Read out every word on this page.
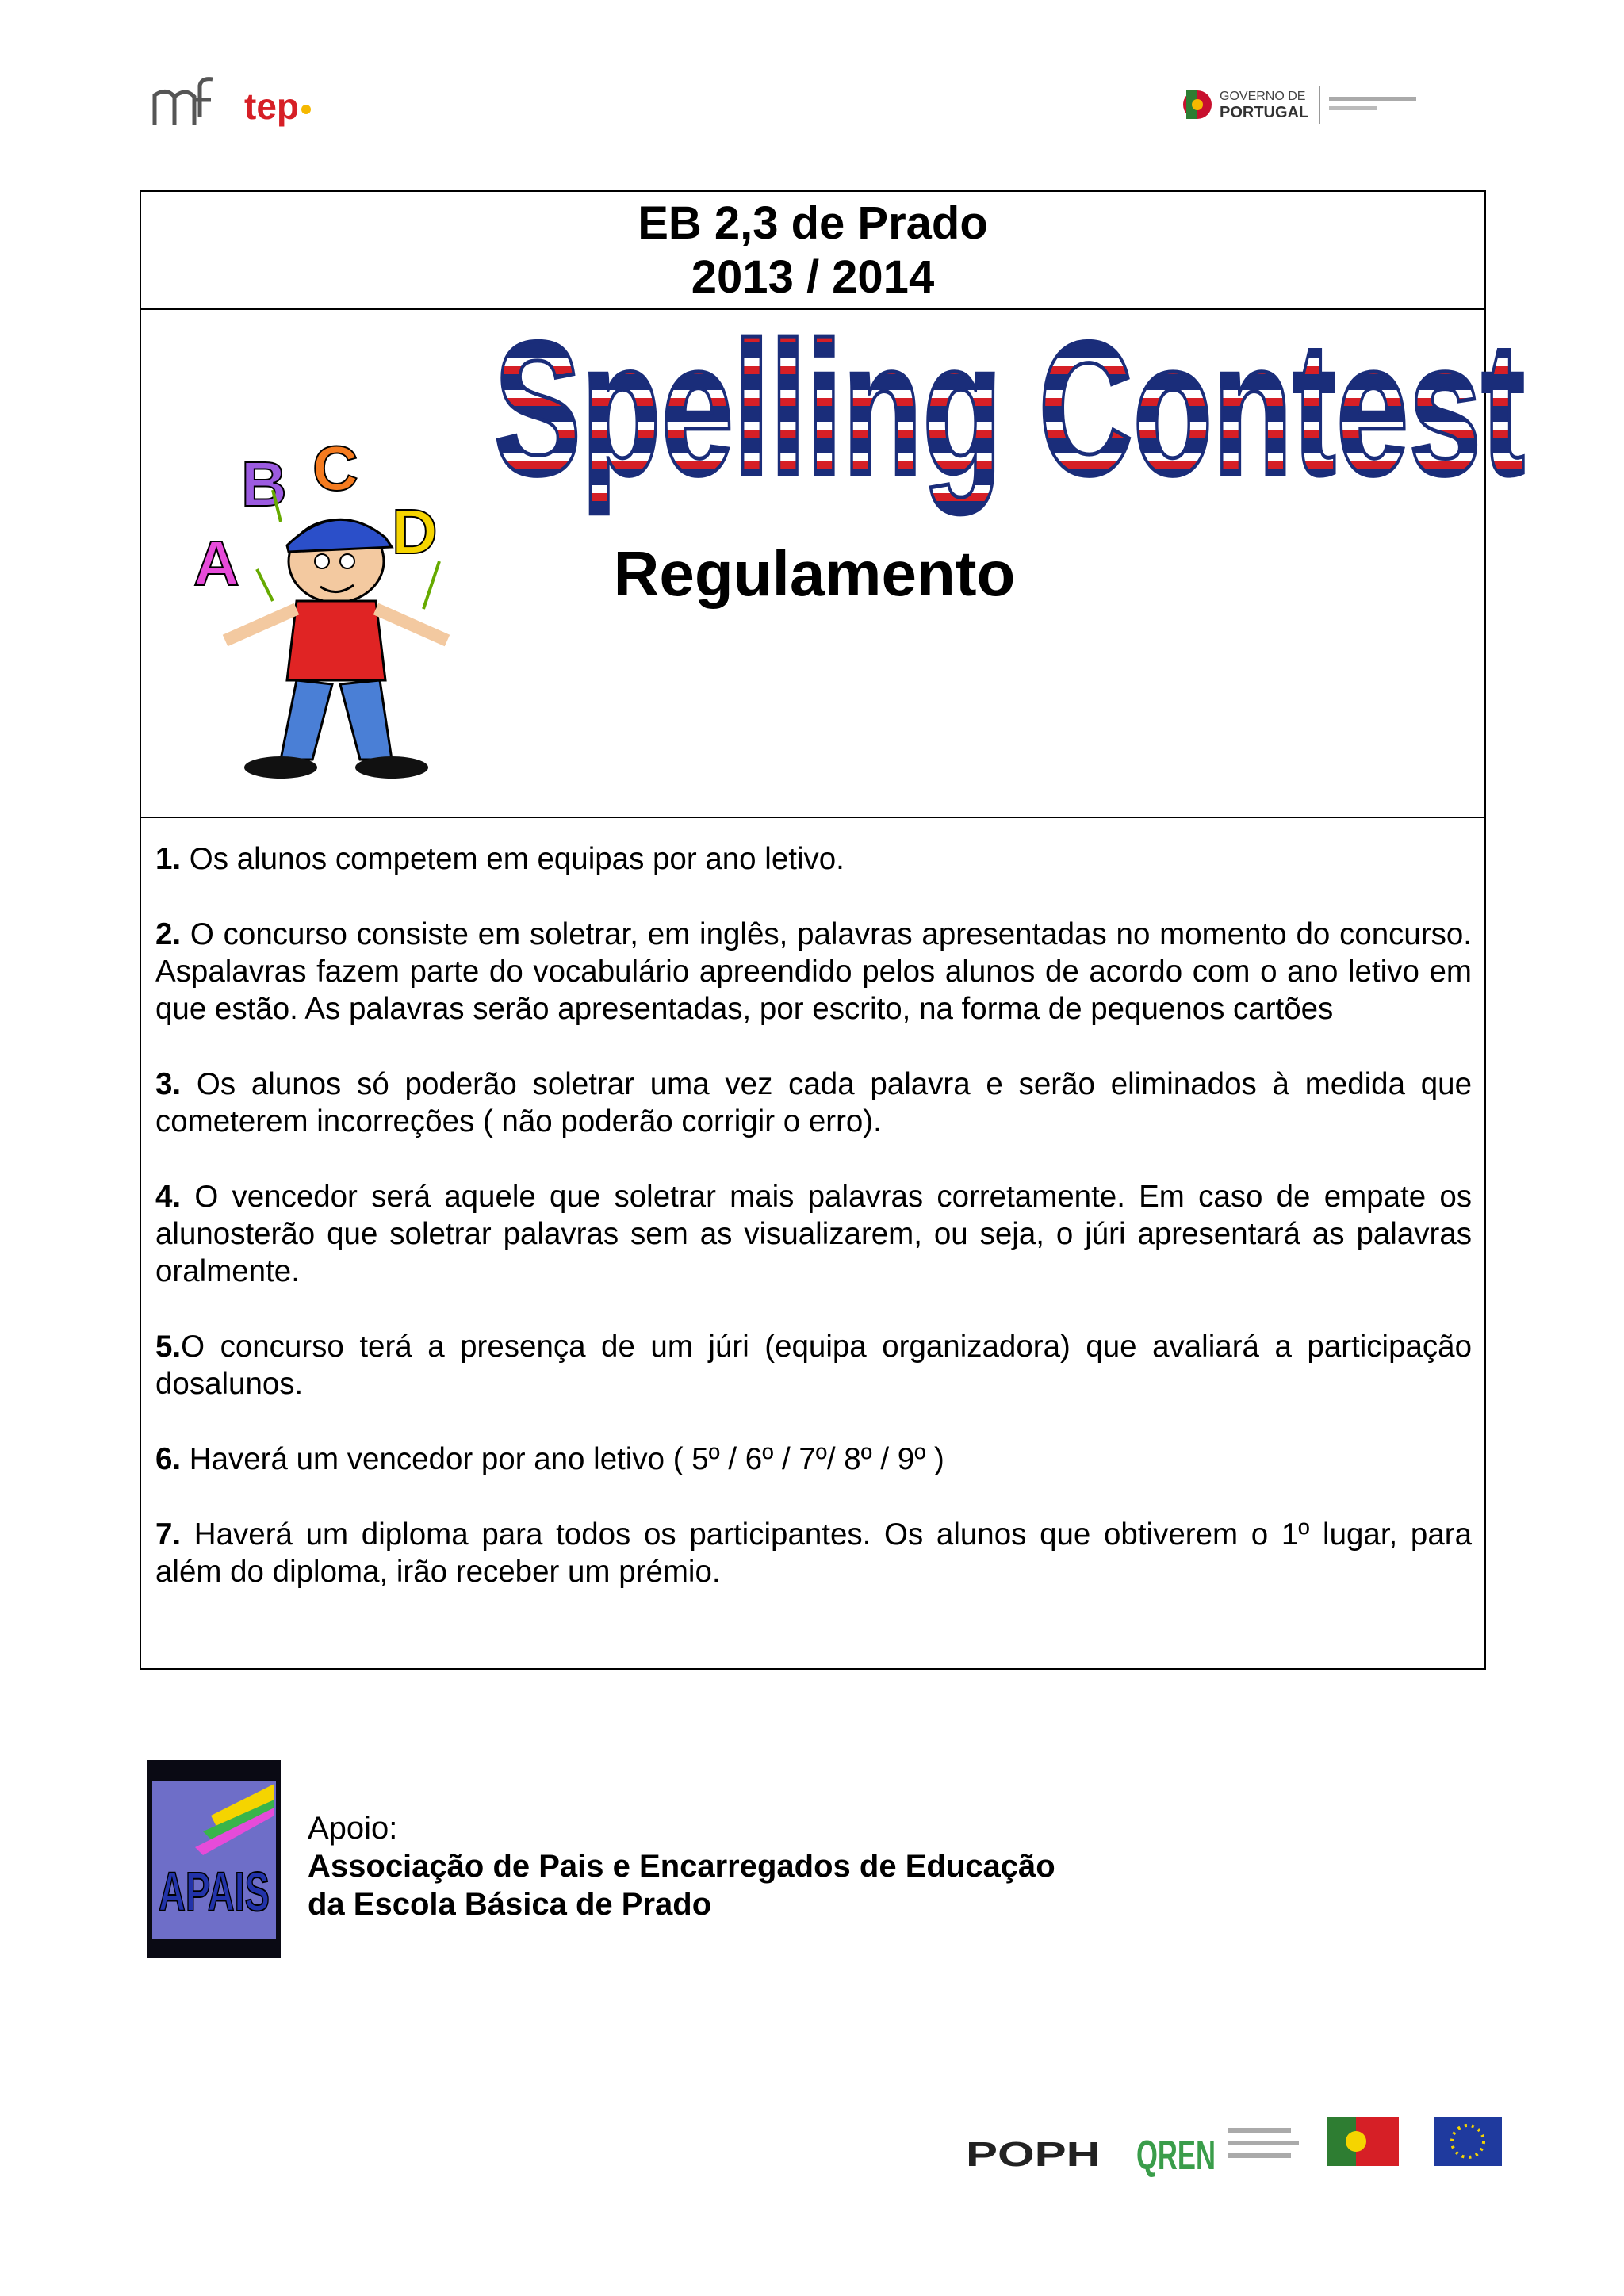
tep	GOVERNO DE
PORTUGAL
EB 2,3 de Prado
2013 / 2014
A
B C
D
Spelling Contest
Regulamento
1. Os alunos competem em equipas por ano letivo.
2. O concurso consiste em soletrar, em inglês, palavras apresentadas no momento do concurso. Aspalavras fazem parte do vocabulário apreendido pelos alunos de acordo com o ano letivo em que estão. As palavras serão apresentadas, por escrito, na forma de pequenos cartões
3. Os alunos só poderão soletrar uma vez cada palavra e serão eliminados à medida que cometerem incorreções ( não poderão corrigir o erro).
4. O vencedor será aquele que soletrar mais palavras corretamente. Em caso de empate os alunosterão que soletrar palavras sem as visualizarem, ou seja, o júri apresentará as palavras oralmente.
5.O concurso terá a presença de um júri (equipa organizadora) que avaliará a participação dosalunos.
6. Haverá um vencedor por ano letivo ( 5º / 6º / 7º/ 8º / 9º )
7. Haverá um diploma para todos os participantes. Os alunos que obtiverem o 1º lugar, para além do diploma, irão receber um prémio.
APAIS
Apoio:
Associação de Pais e Encarregados de Educação
da Escola Básica de Prado
POPH QREN
